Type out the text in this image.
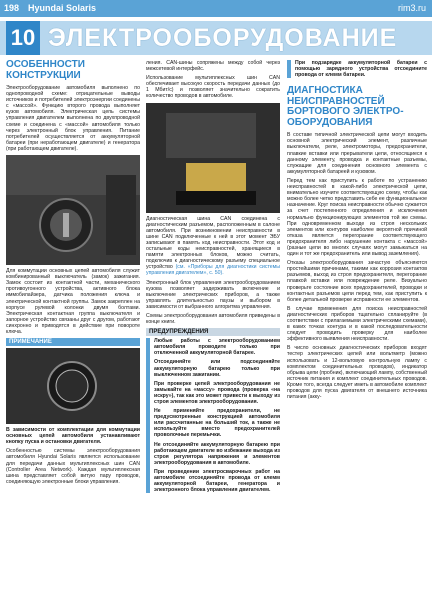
198 Hyundai Solaris	rim3.ru
10 ЭЛЕКТРООБОРУДОВАНИЕ
ОСОБЕННОСТИ КОНСТРУКЦИИ

Электрооборудование автомобиля выполнено по однопроводной схеме: отрицательные выводы источников и потребителей электроэнергии соединены с «массой». Функцию второго провода выполняет кузов автомобиля. Электрическая цепь системы управления двигателем выполнена по двухпроводной схеме и соединена с «массой» автомобиля только через электронный блок управления. Питание потребителей осуществляется от аккумуляторной батареи (при неработающем двигателе) и генератора (при работающем двигателе).

Для коммутации основных цепей автомобиля служит комбинированный выключатель (замок) зажигания. Замок состоит из контактной части, механического противоугонного устройства, активного блока иммобилайзера, датчика положения ключа и электрической контактной группы. Замок закреплен на корпусе рулевой колонки двумя болтами. Электрическая контактная группа выключателя и запорное устройство связаны друг с другом, работают синхронно и приводятся в действие при повороте ключа.

ПРИМЕЧАНИЕ
В зависимости от комплектации для коммутации основных цепей автомобиля устанавливают кнопку пуска и остановки двигателя.

Особенностью системы электрооборудования автомобиля Hyundai Solaris является использование для передачи данных мультиплексных шин CAN (Controller Area Network). Каждая мультиплексная шина представляет собой витую пару проводов, соединяющую электронные блоки управления.

ления. CAN-шины сопряжены между собой через межсетевой интерфейс.

Использование мультиплексных шин CAN обеспечивает высокую скорость передачи данных (до 1 Мбит/с) и позволяет значительно сократить количество проводов в автомобиле.

Диагностическая шина CAN соединена с диагностическим разъемом, расположенным в салоне автомобиля. При возникновении неисправности в шине CAN подключенные к ней в этот момент ЭБУ записывают в память код неисправности. Этот код и остальные коды неисправностей, хранящиеся в памяти электронных блоков, можно считать, подключив к диагностическому разъему специальное устройство (см. «Приборы для диагностики системы управления двигателем», с. 50).

Электронный блок управления электрооборудованием кузова позволяет задерживать включение и выключение электрических приборов, а также управлять длительностью паузы и выбором в зависимости от выбранного алгоритма управления.

Схемы электрооборудования автомобиля приведены в конце книги.

ПРЕДУПРЕЖДЕНИЯ
Любые работы с электрооборудованием автомобиля проводите только при отключенной аккумуляторной батарее.
Отсоединяйте или подсоединяйте аккумуляторную батарею только при выключенном зажигании.
При проверке цепей электрооборудования не замыкайте на «массу» провода (проверка «на искру»), так как это может привести к выходу из строя элементов электрооборудования.
Не применяйте предохранители, не предусмотренные конструкцией автомобиля или рассчитанные на больший ток, а также не используйте вместо предохранителей проволочные перемычки.
Не отсоединяйте аккумуляторную батарею при работающем двигателе во избежание выхода из строя регулятора напряжения и элементов электрооборудования в автомобиле.
При проведении электросварочных работ на автомобиле отсоединяйте провода от клемм аккумуляторной батареи, генератора и электронного блока управления двигателем.
При подзарядке аккумуляторной батареи с помощью зарядного устройства отсоедините провода от клемм батареи.
ДИАГНОСТИКА НЕИСПРАВНОСТЕЙ БОРТОВОГО ЭЛЕКТРООБОРУДОВАНИЯ

В составе типичной электрической цепи могут входить основной электрический элемент, различные выключатели, реле, электромоторы, предохранители, плавкие вставки или прерыватели цепи, относящиеся к данному элементу, проводка и контактные разъемы, служащие для соединения основного элемента с аккумуляторной батареей и кузовом.

Перед тем как приступить к работе по устранению неисправностей в какой-либо электрической цепи, внимательно изучите соответствующую схему, чтобы как можно более четко представить себе ее функциональное назначение. Круг поиска неисправности обычно сужается за счет постепенного определения и исключения нормально функционирующих элементов той же схемы. При одновременном выходе из строя нескольких элементов или контуров наиболее вероятной причиной отказа является перегорание соответствующего предохранителя либо нарушение контакта с «массой» (разные цепи во многих случаях могут замыкаться на один и тот же предохранитель или вывод заземления).

Отказы электрооборудования зачастую объясняются простейшими причинами, такими как коррозия контактов разъемов, выход из строя предохранителя, перегорание плавкой вставки или повреждение реле. Визуально проверьте состояние всех предохранителей, проводки и контактных разъемов цепи перед тем, как приступить к более детальной проверке исправности ее элементов.

В случае применения для поиска неисправностей диагностических приборов тщательно спланируйте (в соответствии с прилагаемыми электрическими схемами), в каких точках контура и в какой последовательности следует проводить проверку для наиболее эффективного выявления неисправности.

В число основных диагностических приборов входят тестер электрических цепей или вольтметр (можно использовать и 12-вольтовую контрольную лампу с комплектом соединительных проводов), индикатор обрыва цепи (пробник), включающий лампу, собственный источник питания и комплект соединительных проводов. Кроме того, всегда следует иметь в автомобиле комплект проводов для пуска двигателя от внешнего источника питания (акку-
